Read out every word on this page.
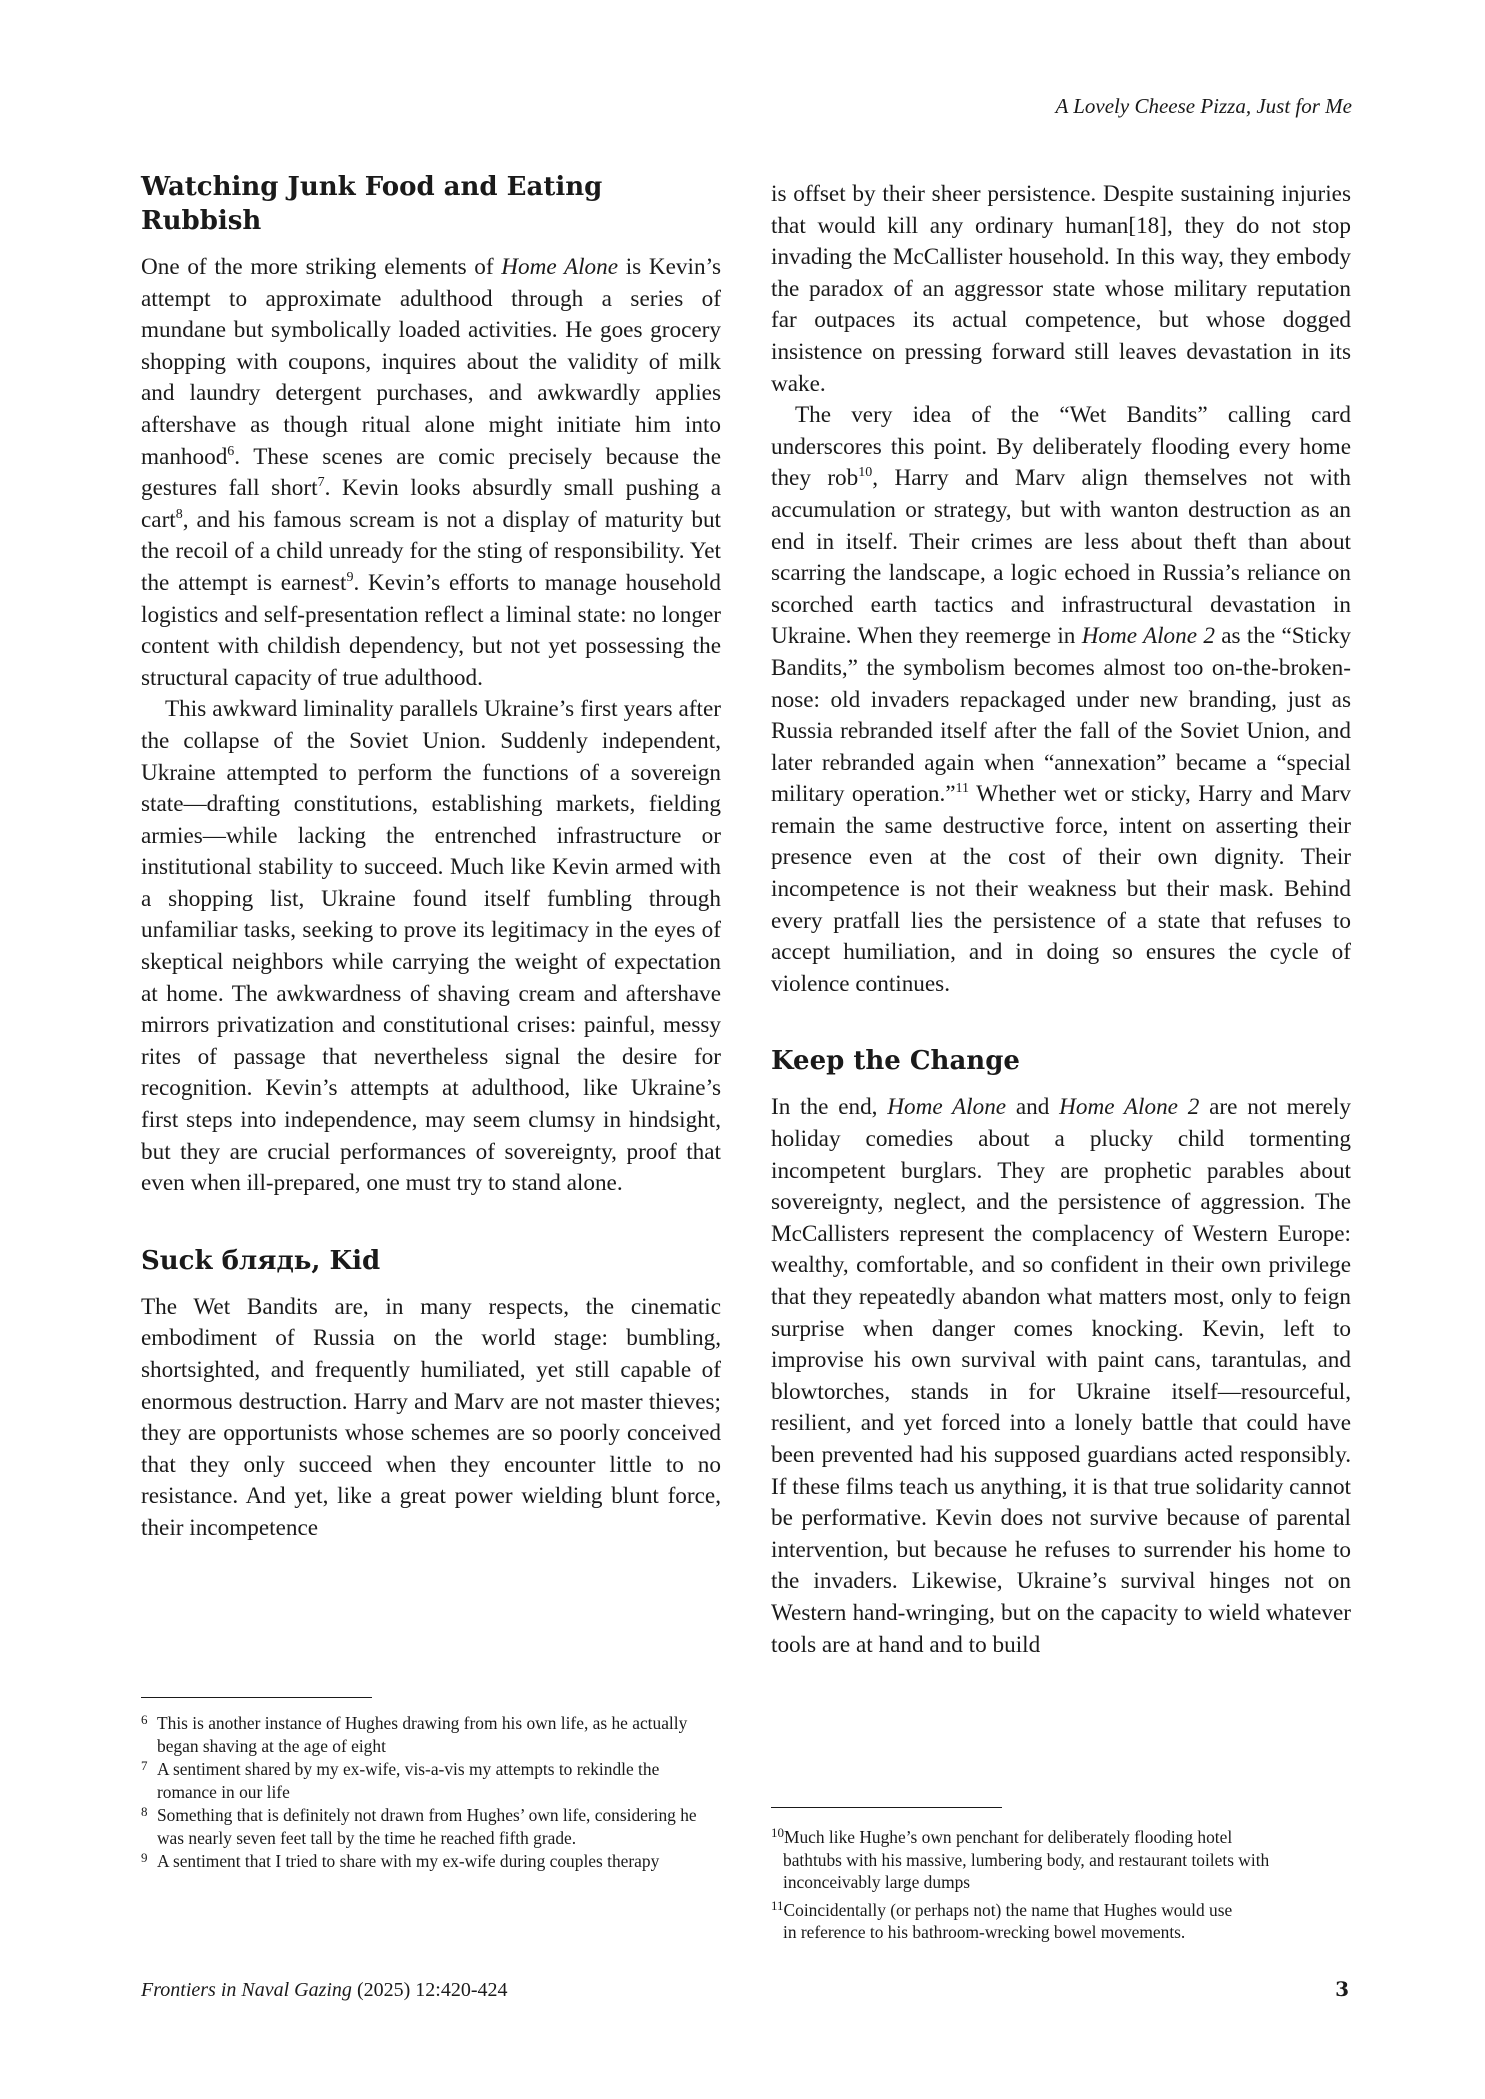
A Lovely Cheese Pizza, Just for Me
Watching Junk Food and Eating Rubbish

One of the more striking elements of Home Alone is Kevin’s attempt to approximate adulthood through a series of mundane but symbolically loaded activities. He goes grocery shopping with coupons, inquires about the validity of milk and laundry detergent purchases, and awkwardly applies aftershave as though ritual alone might initiate him into manhood$^6$. These scenes are comic precisely because the gestures fall short$^7$. Kevin looks absurdly small pushing a cart$^8$, and his famous scream is not a display of maturity but the recoil of a child unready for the sting of responsibility. Yet the attempt is earnest$^9$. Kevin’s efforts to manage household logistics and self-presentation reflect a liminal state: no longer content with childish dependency, but not yet possessing the structural capacity of true adulthood.

This awkward liminality parallels Ukraine’s first years after the collapse of the Soviet Union. Suddenly independent, Ukraine attempted to perform the functions of a sovereign state—drafting constitutions, establishing markets, fielding armies—while lacking the entrenched infrastructure or institutional stability to succeed. Much like Kevin armed with a shopping list, Ukraine found itself fumbling through unfamiliar tasks, seeking to prove its legitimacy in the eyes of skeptical neighbors while carrying the weight of expectation at home. The awkwardness of shaving cream and aftershave mirrors privatization and constitutional crises: painful, messy rites of passage that nevertheless signal the desire for recognition. Kevin’s attempts at adulthood, like Ukraine’s first steps into independence, may seem clumsy in hindsight, but they are crucial performances of sovereignty, proof that even when ill-prepared, one must try to stand alone.

Suck блядь, Kid

The Wet Bandits are, in many respects, the cinematic embodiment of Russia on the world stage: bumbling, shortsighted, and frequently humiliated, yet still capable of enormous destruction. Harry and Marv are not master thieves; they are opportunists whose schemes are so poorly conceived that they only succeed when they encounter little to no resistance. And yet, like a great power wielding blunt force, their incompetence

6 This is another instance of Hughes drawing from his own life, as he actually began shaving at the age of eight
7 A sentiment shared by my ex-wife, vis-a-vis my attempts to rekindle the romance in our life
8 Something that is definitely not drawn from Hughes’ own life, considering he was nearly seven feet tall by the time he reached fifth grade.
9 A sentiment that I tried to share with my ex-wife during couples therapy

is offset by their sheer persistence. Despite sustaining injuries that would kill any ordinary human[18], they do not stop invading the McCallister household. In this way, they embody the paradox of an aggressor state whose military reputation far outpaces its actual competence, but whose dogged insistence on pressing forward still leaves devastation in its wake.

The very idea of the “Wet Bandits” calling card underscores this point. By deliberately flooding every home they rob$^{10}$, Harry and Marv align themselves not with accumulation or strategy, but with wanton destruction as an end in itself. Their crimes are less about theft than about scarring the landscape, a logic echoed in Russia’s reliance on scorched earth tactics and infrastructural devastation in Ukraine. When they reemerge in Home Alone 2 as the “Sticky Bandits,” the symbolism becomes almost too on-the-broken-nose: old invaders repackaged under new branding, just as Russia rebranded itself after the fall of the Soviet Union, and later rebranded again when “annexation” became a “special military operation.”$^{11}$ Whether wet or sticky, Harry and Marv remain the same destructive force, intent on asserting their presence even at the cost of their own dignity. Their incompetence is not their weakness but their mask. Behind every pratfall lies the persistence of a state that refuses to accept humiliation, and in doing so ensures the cycle of violence continues.

Keep the Change

In the end, Home Alone and Home Alone 2 are not merely holiday comedies about a plucky child tormenting incompetent burglars. They are prophetic parables about sovereignty, neglect, and the persistence of aggression. The McCallisters represent the complacency of Western Europe: wealthy, comfortable, and so confident in their own privilege that they repeatedly abandon what matters most, only to feign surprise when danger comes knocking. Kevin, left to improvise his own survival with paint cans, tarantulas, and blowtorches, stands in for Ukraine itself—resourceful, resilient, and yet forced into a lonely battle that could have been prevented had his supposed guardians acted responsibly. If these films teach us anything, it is that true solidarity cannot be performative. Kevin does not survive because of parental intervention, but because he refuses to surrender his home to the invaders. Likewise, Ukraine’s survival hinges not on Western hand-wringing, but on the capacity to wield whatever tools are at hand and to build

$^{10}$Much like Hughe’s own penchant for deliberately flooding hotel
bathtubs with his massive, lumbering body, and restaurant toilets with inconceivably large dumps
$^{11}$Coincidentally (or perhaps not) the name that Hughes would use
in reference to his bathroom-wrecking bowel movements.
Frontiers in Naval Gazing (2025) 12:420-424	3
